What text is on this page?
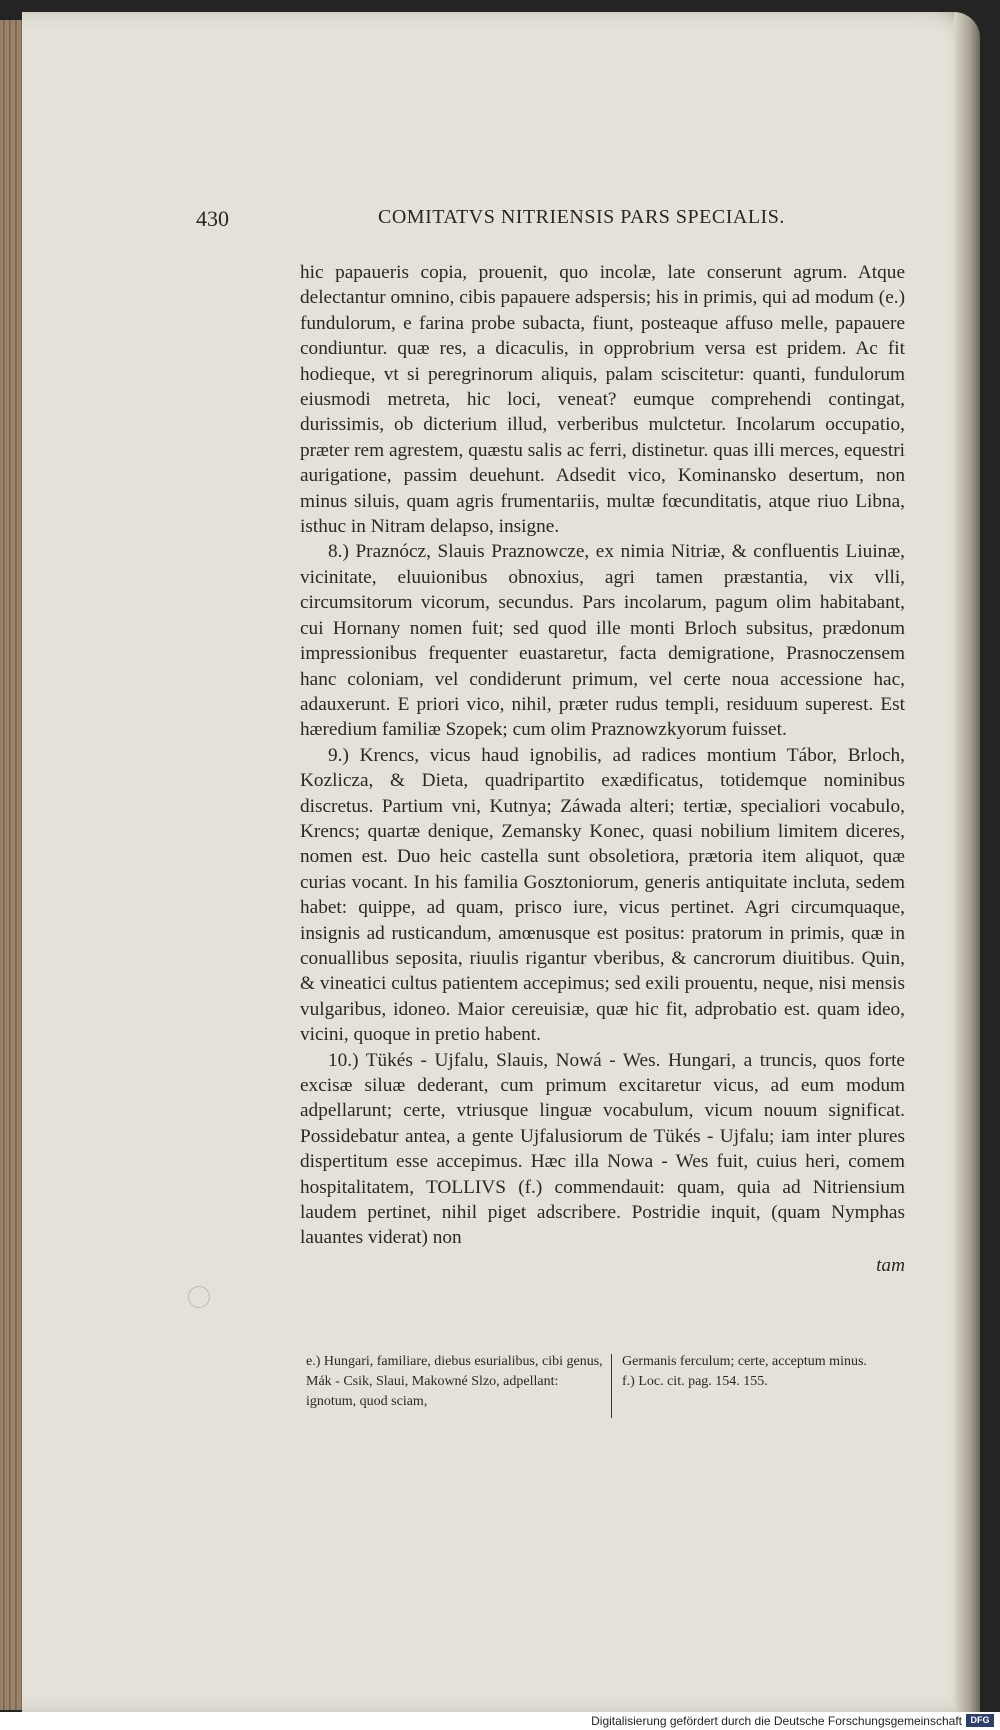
430	COMITATVS NITRIENSIS PARS SPECIALIS.

hic papaueris copia, prouenit, quo incolæ, late conserunt agrum. Atque delectantur omnino, cibis papauere adspersis; his in primis, qui ad modum (e.) fundulorum, e farina probe subacta, fiunt, posteaque affuso melle, papauere condiuntur. quæ res, a dicaculis, in opprobrium versa est pridem. Ac fit hodieque, vt si peregrinorum aliquis, palam sciscitetur: quanti, fundulorum eiusmodi metreta, hic loci, veneat? eumque comprehendi contingat, durissimis, ob dicterium illud, verberibus mulctetur. Incolarum occupatio, præter rem agrestem, quæstu salis ac ferri, distinetur. quas illi merces, equestri aurigatione, passim deuehunt. Adsedit vico, Kominansko desertum, non minus siluis, quam agris frumentariis, multæ fœcunditatis, atque riuo Libna, isthuc in Nitram delapso, insigne.

8.) Praznócz, Slauis Praznowcze, ex nimia Nitriæ, & confluentis Liuinæ, vicinitate, eluuionibus obnoxius, agri tamen præstantia, vix vlli, circumsitorum vicorum, secundus. Pars incolarum, pagum olim habitabant, cui Hornany nomen fuit; sed quod ille monti Brloch subsitus, prædonum impressionibus frequenter euastaretur, facta demigratione, Prasnoczensem hanc coloniam, vel condiderunt primum, vel certe noua accessione hac, adauxerunt. E priori vico, nihil, præter rudus templi, residuum superest. Est hæredium familiæ Szopek; cum olim Praznowzkyorum fuisset.

9.) Krencs, vicus haud ignobilis, ad radices montium Tábor, Brloch, Kozlicza, & Dieta, quadripartito exædificatus, totidemque nominibus discretus. Partium vni, Kutnya; Záwada alteri; tertiæ, specialiori vocabulo, Krencs; quartæ denique, Zemansky Konec, quasi nobilium limitem diceres, nomen est. Duo heic castella sunt obsoletiora, prætoria item aliquot, quæ curias vocant. In his familia Gosztoniorum, generis antiquitate incluta, sedem habet: quippe, ad quam, prisco iure, vicus pertinet. Agri circumquaque, insignis ad rusticandum, amœnusque est positus: pratorum in primis, quæ in conuallibus seposita, riuulis rigantur vberibus, & cancrorum diuitibus. Quin, & vineatici cultus patientem accepimus; sed exili prouentu, neque, nisi mensis vulgaribus, idoneo. Maior cereuisiæ, quæ hic fit, adprobatio est. quam ideo, vicini, quoque in pretio habent.

10.) Tükés - Ujfalu, Slauis, Nowá - Wes. Hungari, a truncis, quos forte excisæ siluæ dederant, cum primum excitaretur vicus, ad eum modum adpellarunt; certe, vtriusque linguæ vocabulum, vicum nouum significat. Possidebatur antea, a gente Ujfalusiorum de Tükés - Ujfalu; iam inter plures dispertitum esse accepimus. Hæc illa Nowa - Wes fuit, cuius heri, comem hospitalitatem, TOLLIVS (f.) commendauit: quam, quia ad Nitriensium laudem pertinet, nihil piget adscribere. Postridie inquit, (quam Nymphas lauantes viderat) non

tam

e.) Hungari, familiare, diebus esurialibus, cibi genus, Mák - Csik, Slaui, Makowné Slzo, adpellant: ignotum, quod sciam,

Germanis ferculum; certe, acceptum minus.

f.) Loc. cit. pag. 154. 155.

Digitalisierung gefördert durch die Deutsche Forschungsgemeinschaft DFG
